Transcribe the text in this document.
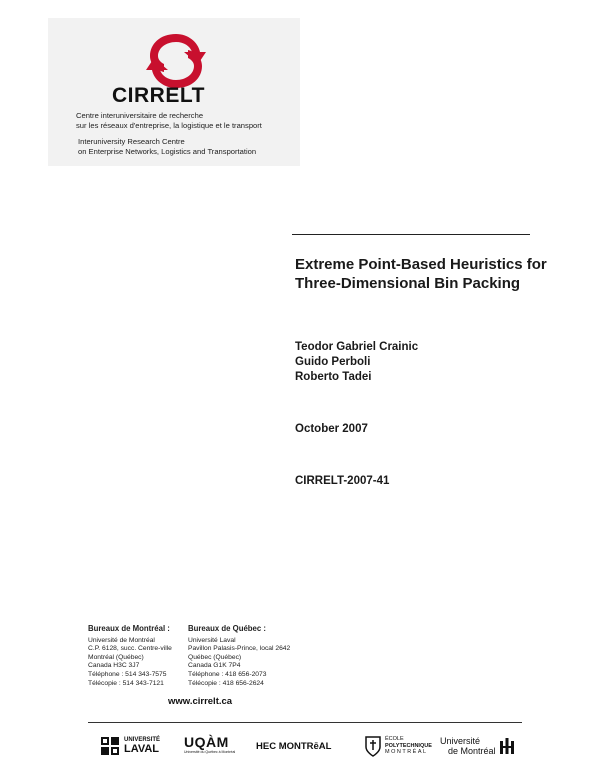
CIRRELT
Centre interuniversitaire de recherche
sur les réseaux d'entreprise, la logistique et le transport
Interuniversity Research Centre
on Enterprise Networks, Logistics and Transportation
Extreme Point-Based Heuristics for Three-Dimensional Bin Packing
Teodor Gabriel Crainic
Guido Perboli
Roberto Tadei
October 2007
CIRRELT-2007-41
Bureaux de Montréal :
Université de Montréal
C.P. 6128, succ. Centre-ville
Montréal (Québec)
Canada H3C 3J7
Téléphone : 514 343-7575
Télécopie : 514 343-7121
Bureaux de Québec :
Université Laval
Pavillon Palasis-Prince, local 2642
Québec (Québec)
Canada G1K 7P4
Téléphone : 418 656-2073
Télécopie : 418 656-2624
www.cirrelt.ca
UNIVERSITÉ
LAVAL UQÀM
Université du Québec à Montréal
HEC MONTRēAL
ÉCOLE
POLYTECHNIQUE
MONTRÉAL
Université
de Montréal
